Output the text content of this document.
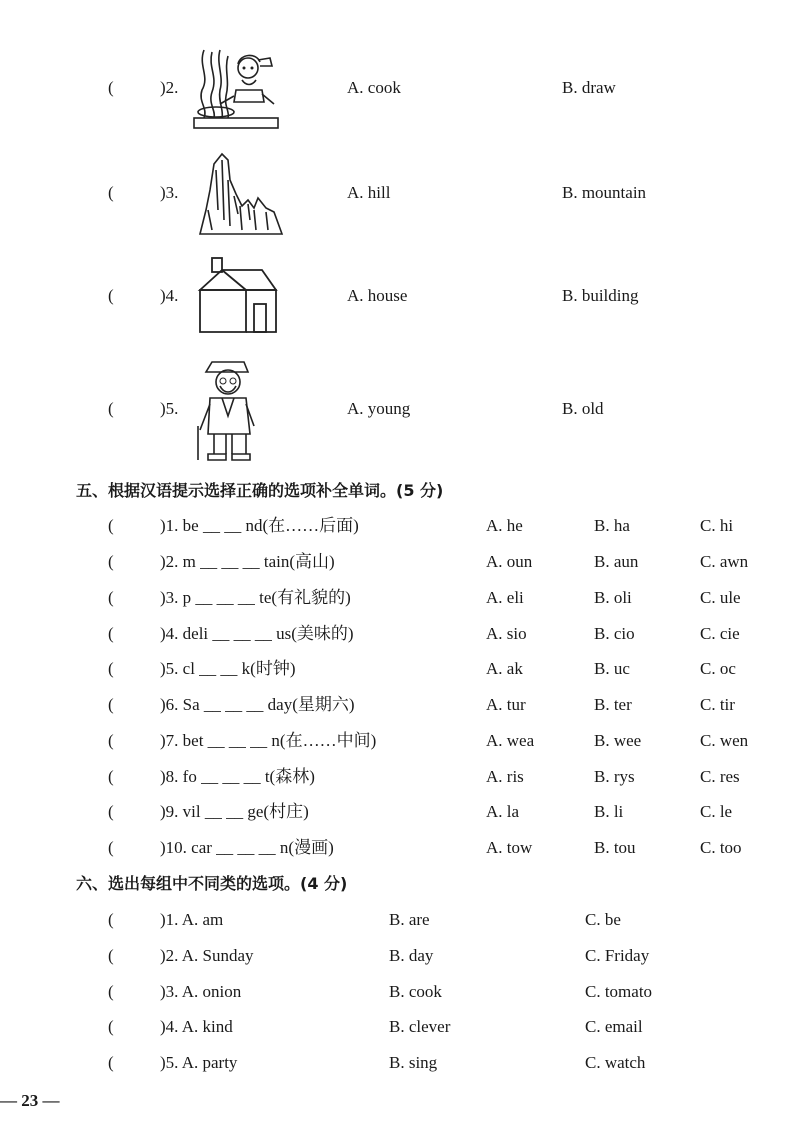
(	)2.	A. cook	B. draw
(	)3.	A. hill	B. mountain
(	)4.	A. house	B. building
(	)5.	A. young	B. old
五、根据汉语提示选择正确的选项补全单词。(5 分)
(	)1. be __ __ nd(在……后面)	A. he	B. ha	C. hi
(	)2. m __ __ __ tain(高山)	A. oun	B. aun	C. awn
(	)3. p __ __ __ te(有礼貌的)	A. eli	B. oli	C. ule
(	)4. deli __ __ __ us(美味的)	A. sio	B. cio	C. cie
(	)5. cl __ __ k(时钟)	A. ak	B. uc	C. oc
(	)6. Sa __ __ __ day(星期六)	A. tur	B. ter	C. tir
(	)7. bet __ __ __ n(在……中间)	A. wea	B. wee	C. wen
(	)8. fo __ __ __ t(森林)	A. ris	B. rys	C. res
(	)9. vil __ __ ge(村庄)	A. la	B. li	C. le
(	)10. car __ __ __ n(漫画)	A. tow	B. tou	C. too
六、选出每组中不同类的选项。(4 分)
(	)1. A. am	B. are	C. be
(	)2. A. Sunday	B. day	C. Friday
(	)3. A. onion	B. cook	C. tomato
(	)4. A. kind	B. clever	C. email
(	)5. A. party	B. sing	C. watch
— 23 —
